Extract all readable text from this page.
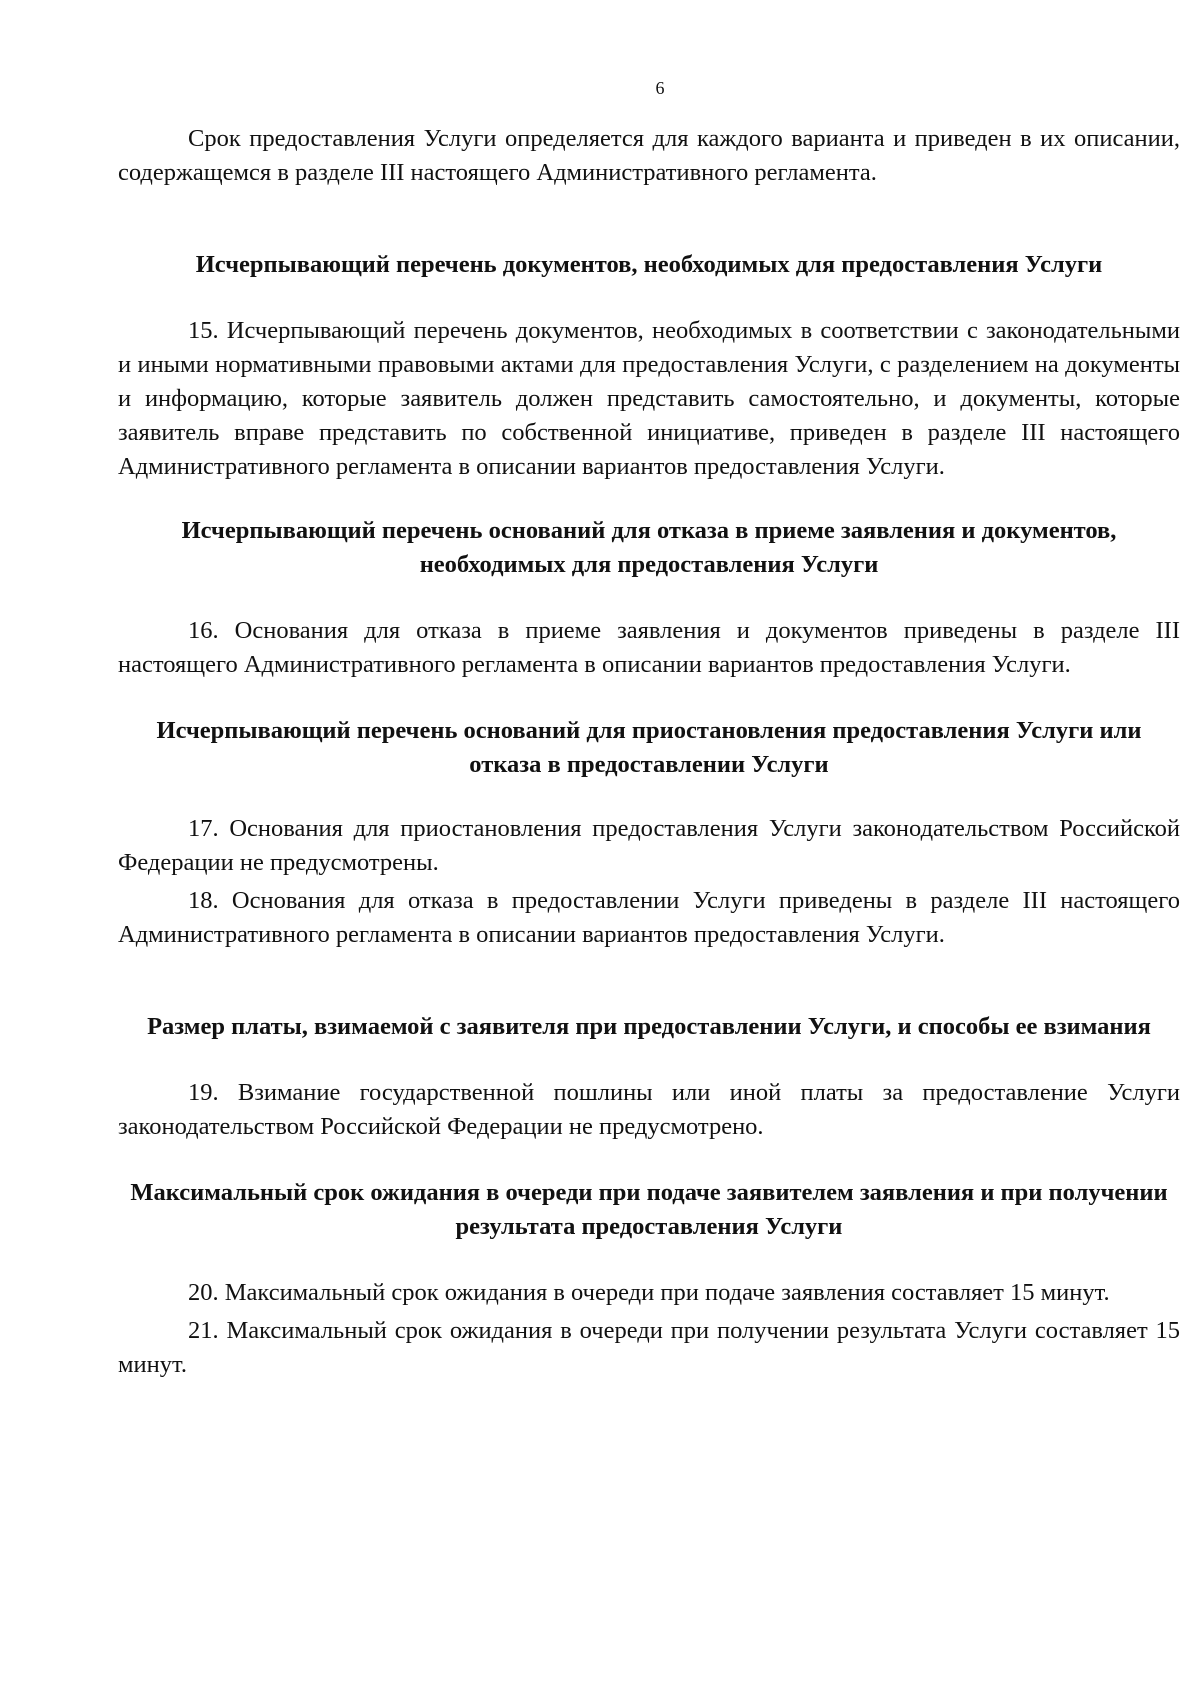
6

Срок предоставления Услуги определяется для каждого варианта и приведен в их описании, содержащемся в разделе III настоящего Административного регламента.

Исчерпывающий перечень документов, необходимых для предоставления Услуги

15. Исчерпывающий перечень документов, необходимых в соответствии с законодательными и иными нормативными правовыми актами для предоставления Услуги, с разделением на документы и информацию, которые заявитель должен представить самостоятельно, и документы, которые заявитель вправе представить по собственной инициативе, приведен в разделе III настоящего Административного регламента в описании вариантов предоставления Услуги.

Исчерпывающий перечень оснований для отказа в приеме заявления и документов, необходимых для предоставления Услуги

16. Основания для отказа в приеме заявления и документов приведены в разделе III настоящего Административного регламента в описании вариантов предоставления Услуги.

Исчерпывающий перечень оснований для приостановления предоставления Услуги или отказа в предоставлении Услуги

17. Основания для приостановления предоставления Услуги законодательством Российской Федерации не предусмотрены.

18. Основания для отказа в предоставлении Услуги приведены в разделе III настоящего Административного регламента в описании вариантов предоставления Услуги.

Размер платы, взимаемой с заявителя при предоставлении Услуги, и способы ее взимания

19. Взимание государственной пошлины или иной платы за предоставление Услуги законодательством Российской Федерации не предусмотрено.

Максимальный срок ожидания в очереди при подаче заявителем заявления и при получении результата предоставления Услуги

20. Максимальный срок ожидания в очереди при подаче заявления составляет 15 минут.

21. Максимальный срок ожидания в очереди при получении результата Услуги составляет 15 минут.
